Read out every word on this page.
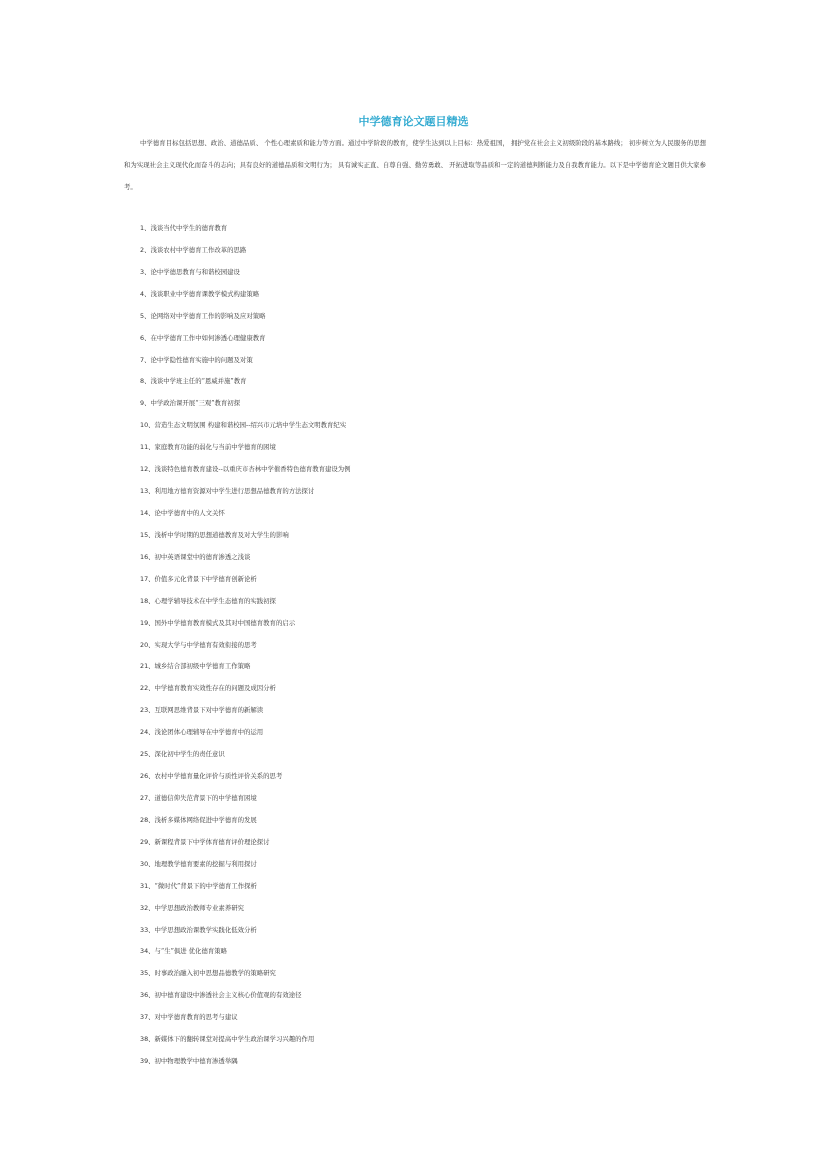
中学德育论文题目精选
中学德育目标包括思想、政治、道德品质、 个性心理素质和能力等方面。通过中学阶段的教育，使学生达到以上目标：热爱祖国， 拥护党在社会主义初级阶段的基本路线； 初步树立为人民服务的思想和为实现社会主义现代化而奋斗的志向；具有良好的道德品质和文明行为； 具有诚实正直、自尊自强、勤劳勇敢、 开拓进取等品质和一定的道德判断能力及自我教育能力。以下是中学德育论文题目供大家参考。
1、浅谈当代中学生的德育教育
2、浅谈农村中学德育工作改革的思路
3、论中学德思教育与和谐校园建设
4、浅谈职业中学德育课教学模式构建策略
5、论网络对中学德育工作的影响及应对策略
6、在中学德育工作中如何渗透心理健康教育
7、论中学隐性德育实施中的问题及对策
8、浅谈中学班主任的“恩威并施”教育
9、中学政治课开展“三观”教育初探
10、营造生态文明氛围 构建和谐校园--绍兴市元培中学生态文明教育纪实
11、家庭教育功能的弱化与当前中学德育的困境
12、浅谈特色德育教育建设--以重庆市杏林中学催香特色德育教育建设为例
13、利用地方德育资源对中学生进行思想品德教育的方法探讨
14、论中学德育中的人文关怀
15、浅析中学时期的思想道德教育及对大学生的影响
16、初中英语课堂中的德育渗透之浅谈
17、价值多元化背景下中学德育创新论析
18、心理学辅导技术在中学生态德育的实践初探
19、国外中学德育教育模式及其对中国德育教育的启示
20、实现大学与中学德育有效衔接的思考
21、城乡结合部初级中学德育工作策略
22、中学德育教育实效性存在的问题及成因分析
23、互联网思维背景下对中学德育的新解读
24、浅论团体心理辅导在中学德育中的运用
25、深化初中学生的责任意识
26、农村中学德育量化评价与质性评价关系的思考
27、道德信仰失范背景下的中学德育困境
28、浅析多媒体网络促进中学德育的发展
29、新课程背景下中学体育德育评价理论探讨
30、地理教学德育要素的挖掘与利用探讨
31、“微时代”背景下的中学德育工作探析
32、中学思想政治教师专业素养研究
33、中学思想政治课教学实践化低效分析
34、与“生”俱进 优化德育策略
35、时事政治融入初中思想品德教学的策略研究
36、初中德育建设中渗透社会主义核心价值观的有效途径
37、对中学德育教育的思考与建议
38、新媒体下的翻转课堂对提高中学生政治课学习兴趣的作用
39、初中物理教学中德育渗透举隅
